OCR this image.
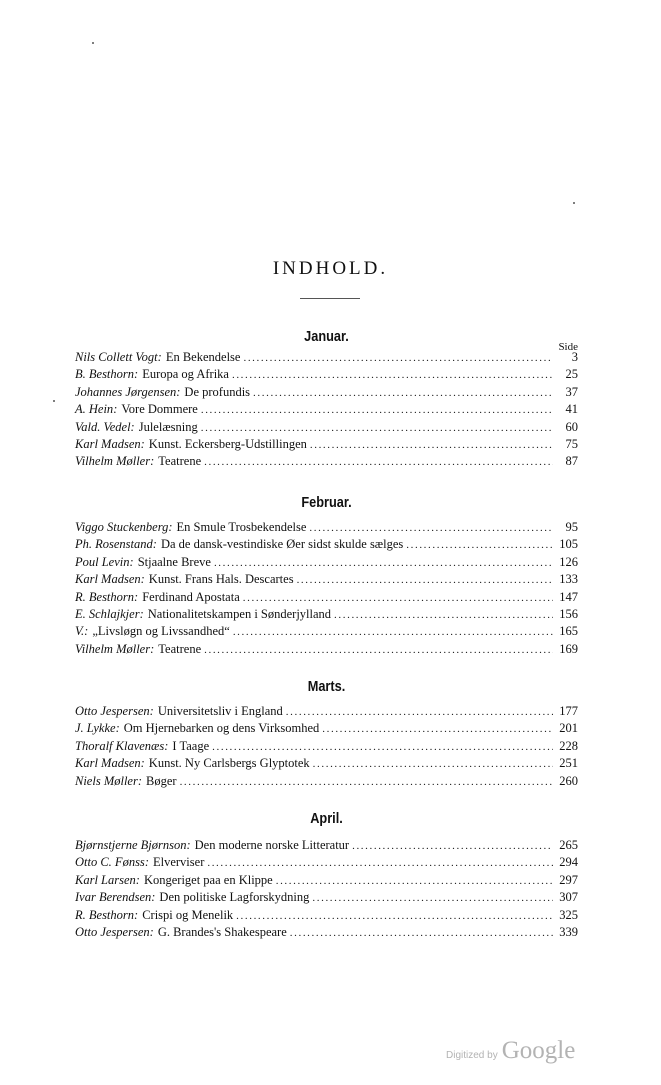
INDHOLD.
Januar.
Side
Nils Collett Vogt : En Bekendelse .....	3
B. Besthorn : Europa og Afrika .....	25
Johannes Jørgensen : De profundis .....	37
A. Hein : Vore Dommere .....	41
Vald. Vedel : Julelæsning .....	60
Karl Madsen : Kunst. Eckersberg-Udstillingen .....	75
Vilhelm Møller : Teatrene .....	87
Februar.
Viggo Stuckenberg : En Smule Trosbekendelse .....	95
Ph. Rosenstand : Da de dansk-vestindiske Øer sidst skulde sælges .....	105
Poul Levin : Stjaalne Breve .....	126
Karl Madsen : Kunst. Frans Hals. Descartes .....	133
R. Besthorn : Ferdinand Apostata .....	147
E. Schlajkjer : Nationalitetskampen i Sønderjylland .....	156
V. : „Livsløgn og Livssandhed“ .....	165
Vilhelm Møller : Teatrene .....	169
Marts.
Otto Jespersen : Universitetsliv i England .....	177
J. Lykke : Om Hjernebarken og dens Virksomhed .....	201
Thoralf Klavenæs : I Taage .....	228
Karl Madsen : Kunst. Ny Carlsbergs Glyptotek .....	251
Niels Møller : Bøger .....	260
April.
Bjørnstjerne Bjørnson : Den moderne norske Litteratur .....	265
Otto C. Fønss : Elverviser .....	294
Karl Larsen : Kongeriget paa en Klippe .....	297
Ivar Berendsen : Den politiske Lagforskydning .....	307
R. Besthorn : Crispi og Menelik .....	325
Otto Jespersen : G. Brandes's Shakespeare .....	339
Digitized by Google
